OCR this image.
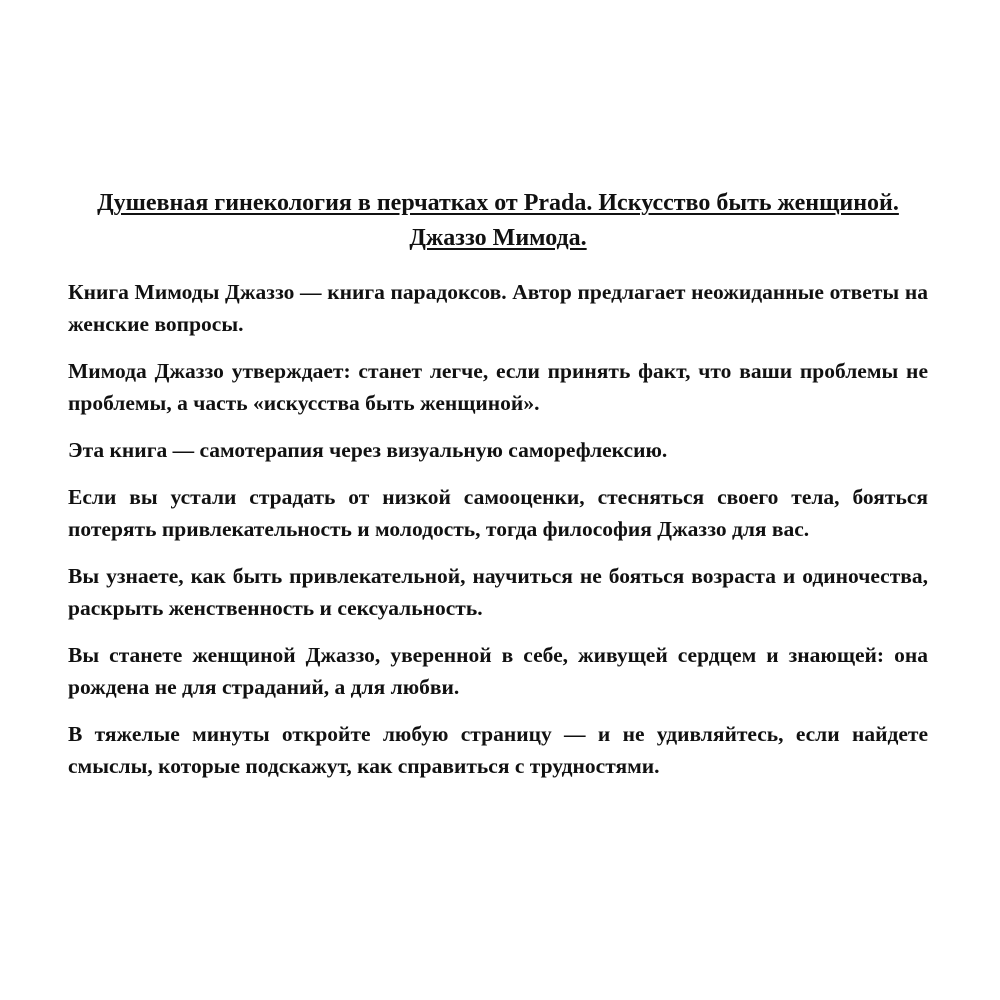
Душевная гинекология в перчатках от Prada. Искусство быть женщиной. Джаззо Мимода.

Книга Мимоды Джаззо — книга парадоксов. Автор предлагает неожиданные ответы на женские вопросы.

Мимода Джаззо утверждает: станет легче, если принять факт, что ваши проблемы не проблемы, а часть «искусства быть женщиной».

Эта книга — самотерапия через визуальную саморефлексию.

Если вы устали страдать от низкой самооценки, стесняться своего тела, бояться потерять привлекательность и молодость, тогда философия Джаззо для вас.

Вы узнаете, как быть привлекательной, научиться не бояться возраста и одиночества, раскрыть женственность и сексуальность.

Вы станете женщиной Джаззо, уверенной в себе, живущей сердцем и знающей: она рождена не для страданий, а для любви.

В тяжелые минуты откройте любую страницу — и не удивляйтесь, если найдете смыслы, которые подскажут, как справиться с трудностями.
